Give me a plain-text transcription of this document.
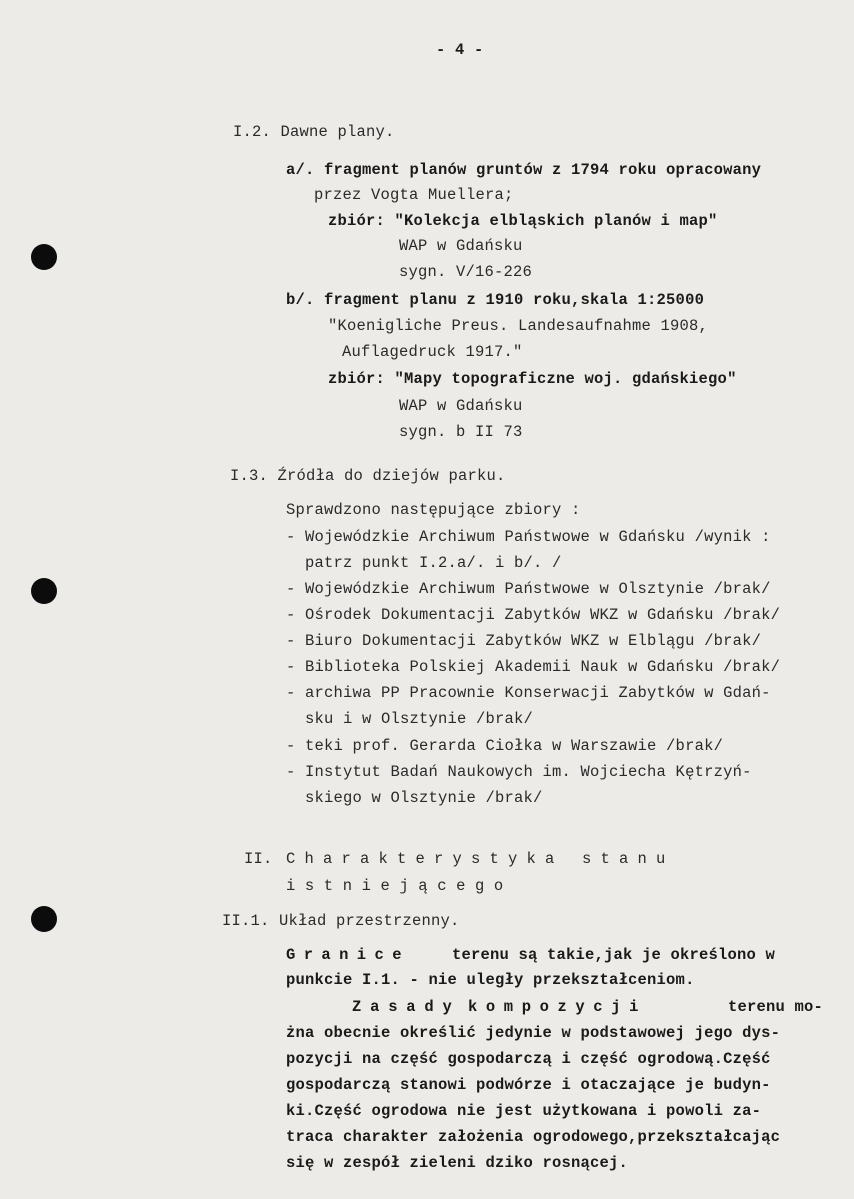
- 4 -
I.2. Dawne plany.
a/. fragment planów gruntów z 1794 roku opracowany
przez Vogta Muellera;
zbiór: "Kolekcja elbląskich planów i map"
WAP w Gdańsku
sygn. V/16-226
b/. fragment planu z 1910 roku,skala 1:25000
"Koenigliche Preus. Landesaufnahme 1908,
Auflagedruck 1917."
zbiór: "Mapy topograficzne woj. gdańskiego"
WAP w Gdańsku
sygn. b II 73
I.3. Źródła do dziejów parku.
Sprawdzono następujące zbiory :
- Wojewódzkie Archiwum Państwowe w Gdańsku /wynik :
patrz punkt I.2.a/. i b/. /
- Wojewódzkie Archiwum Państwowe w Olsztynie /brak/
- Ośrodek Dokumentacji Zabytków WKZ w Gdańsku /brak/
- Biuro Dokumentacji Zabytków WKZ w Elblągu /brak/
- Biblioteka Polskiej Akademii Nauk w Gdańsku /brak/
- archiwa PP Pracownie Konserwacji Zabytków w Gdań-
sku i w Olsztynie /brak/
- teki prof. Gerarda Ciołka w Warszawie /brak/
- Instytut Badań Naukowych im. Wojciecha Kętrzyń-
skiego w Olsztynie /brak/
II. Charakterystyka stanu
istniejącego
II.1. Układ przestrzenny.
Granice	terenu są takie,jak je określono w
punkcie I.1. - nie uległy przekształceniom.
Zasady kompozycji	terenu mo-
żna obecnie określić jedynie w podstawowej jego dys-
pozycji na część gospodarczą i część ogrodową.Część
gospodarczą stanowi podwórze i otaczające je budyn-
ki.Część ogrodowa nie jest użytkowana i powoli za-
traca charakter założenia ogrodowego,przekształcając
się w zespół zieleni dziko rosnącej.
